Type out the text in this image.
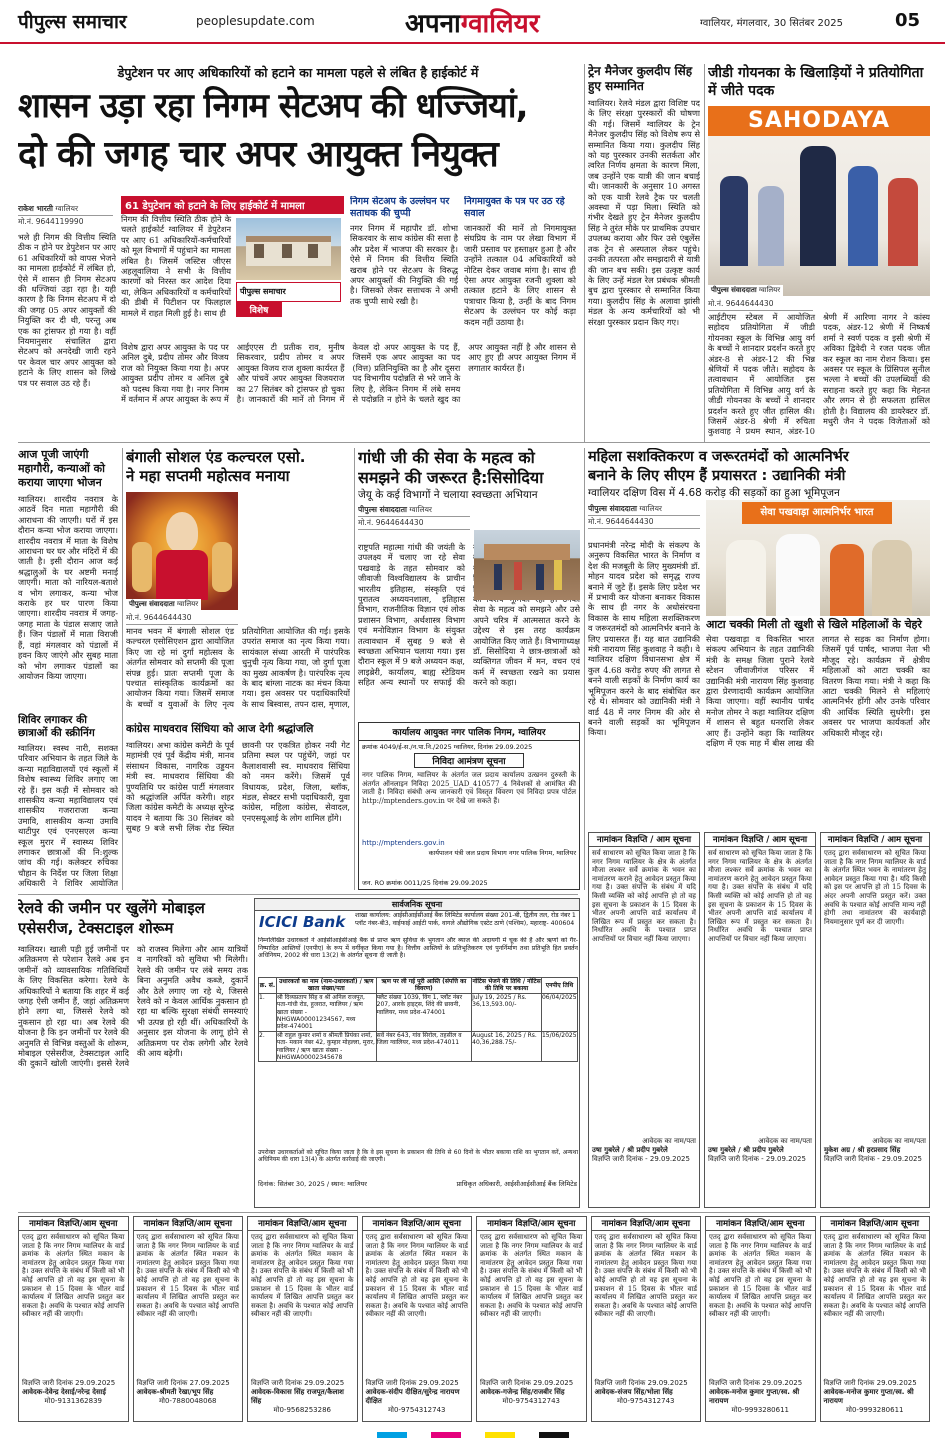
पीपुल्स समाचार	peoplesupdate.com	अपनाग्वालियर	ग्वालियर, मंगलवार, 30 सितंबर 2025	05
डेपुटेशन पर आए अधिकारियों को हटाने का मामला पहले से लंबित है हाईकोर्ट में
शासन उड़ा रहा निगम सेटअप की धज्जियां,
दो की जगह चार अपर आयुक्त नियुक्त
राकेश भारती ग्वालियर
मो.नं. 9644119990
भले ही निगम की वित्तीय स्थिति ठीक न होने पर डेपुटेशन पर आए 61 अधिकारियों को वापस भेजने का मामला हाईकोर्ट में लंबित हो, ऐसे में शासन ही निगम सेटअप की धज्जियां उड़ा रहा है। यही कारण है कि निगम सेटअप में दो की जगह 05 अपर आयुक्तों की नियुक्ति कर दी थी, परन्तु अब एक का ट्रांसफर हो गया है। वहीं नियमानुसार संचालित द्वारा सेटअप को अनदेखी जारी रहने पर केवल चार अपर आयुक्त को हटाने के लिए शासन को लिखे पत्र पर सवाल उठ रहे हैं।
61 डेपुटेशन को हटाने के लिए हाईकोर्ट में मामला
निगम की वित्तीय स्थिति ठीक होने के चलते हाईकोर्ट ग्वालियर में डेपुटेशन पर आए 61 अधिकारियों-कर्मचारियों को मूल विभागों में पहुंचाने का मामला लंबित है। जिसमें जस्टिस जीएस अहलूवालिया ने सभी के वित्तीय कारणों को निरस्त कर आदेश दिया था, लेकिन अधिकारियों व कर्मचारियों की डीबी में पिटीशन पर फिलहाल मामले में राहत मिली हुई है। साथ ही
पीपुल्स समाचार
विशेष
निगम सेटअप के उल्लंघन पर सताधक की चुप्पी
नगर निगम में महापौर डॉ. शोभा सिकरवार के साथ कांग्रेस की सत्ता है और प्रदेश में भाजपा की सरकार है। ऐसे में निगम की वित्तीय स्थिति खराब होने पर सेटअप के विरुद्ध अपर आयुक्तों की नियुक्ति की गई है। जिसको लेकर सत्ताधक ने अभी तक चुप्पी साधे रखी है।
निगमायुक्त के पत्र पर उठ रहे सवाल
जानकारों की मानें तो निगमायुक्त संघप्रिय के नाम पर लेखा विभाग में जारी प्रस्ताव पर हस्ताक्षर हुआ है और उन्होंने तत्काल 04 अधिकारियों को नोटिस देकर जवाब मांगा है। साथ ही ऐसा अपर आयुक्त रजनी शुक्ला को तत्काल हटाने के लिए शासन से पत्राचार किया है, उन्हीं के बाद निगम सेटअप के उल्लंघन पर कोई कड़ा कदम नहीं उठाया है।
विशेष द्वारा अपर आयुक्त के पद पर अनिल दुबे, प्रदीप तोमर और विजय राज को नियुक्त किया गया है। अपर आयुक्त प्रदीप तोमर व अनिल दुबे को पदस्थ किया गया है। नगर निगम में वर्तमान में अपर आयुक्त के रूप में आईएएस टी प्रतीक राव, मुनीष सिकरवार, प्रदीप तोमर व अपर आयुक्त विजय राज शुक्ला कार्यरत हैं और पांचवें अपर आयुक्त विजयराज का 27 सितंबर को ट्रांसफर हो चुका है। जानकारों की मानें तो निगम में केवल दो अपर आयुक्त के पद हैं, जिसमें एक अपर आयुक्त का पद (वित्त) प्रतिनियुक्ति का है और दूसरा पद विभागीय पदोन्नति से भरे जाने के लिए है, लेकिन निगम में लंबे समय से पदोन्नति न होने के चलते खुद का अपर आयुक्त नहीं है और शासन से आए हुए ही अपर आयुक्त निगम में लगातार कार्यरत हैं।
ट्रेन मैनेजर कुलदीप सिंह हुए सम्मानित
ग्वालियर। रेलवे मंडल द्वारा विशिष्ट पद के लिए संरक्षा पुरस्कारों की घोषणा की गई। जिसमें ग्वालियर के ट्रेन मैनेजर कुलदीप सिंह को विशेष रूप से सम्मानित किया गया। कुलदीप सिंह को यह पुरस्कार उनकी सतर्कता और त्वरित निर्णय क्षमता के कारण मिला, जब उन्होंने एक यात्री की जान बचाई थी। जानकारी के अनुसार 10 अगस्त को एक यात्री रेलवे ट्रैक पर चलती अवस्था में पड़ा मिला। स्थिति को गंभीर देखते हुए ट्रेन मैनेजर कुलदीप सिंह ने तुरंत मौके पर प्राथमिक उपचार उपलब्ध कराया और फिर उसे एंबुलेंस तक ट्रेन से अस्पताल लेकर पहुंचे। उनकी तत्परता और समझदारी से यात्री की जान बच सकी। इस उत्कृष्ट कार्य के लिए उन्हें मंडल रेल प्रबंधक श्रीमती बुच द्वारा पुरस्कार से सम्मानित किया गया। कुलदीप सिंह के अलावा झांसी मंडल के अन्य कर्मचारियों को भी संरक्षा पुरस्कार प्रदान किए गए।
जीडी गोयनका के खिलाड़ियों ने प्रतियोगिता में जीते पदक
SAHODAYA
पीपुल्स संवाददाता ग्वालियर
मो.नं. 9644644430
आईटीएम स्टेबल में आयोजित सहोदय प्रतियोगिता में जीडी गोयनका स्कूल के विभिन्न आयु वर्ग के बच्चों ने शानदार प्रदर्शन करते हुए अंडर-8 से अंडर-12 की भिन्न श्रेणियों में पदक जीते। सहोदय के तत्वावधान में आयोजित इस प्रतियोगिता में विभिन्न आयु वर्ग के जीडी गोयनका के बच्चों ने शानदार प्रदर्शन करते हुए जीत हासिल की। जिसमें अंडर-8 श्रेणी में रुचिता कुशवाह ने प्रथम स्थान, अंडर-10 श्रेणी में आरिणा नागर ने कांस्य पदक, अंडर-12 श्रेणी में निष्कर्ष शर्मा ने स्वर्ण पदक व इसी श्रेणी में अविका द्विवेदी ने रजत पदक जीत कर स्कूल का नाम रोशन किया। इस अवसर पर स्कूल के प्रिंसिपल सुनील भल्ला ने बच्चों की उपलब्धियों की सराहना करते हुए कहा कि मेहनत और लगन से ही सफलता हासिल होती है। विद्यालय की डायरेक्टर डॉ. मधुरी जैन ने पदक विजेताओं को
आज पूजी जाएंगी महागौरी, कन्याओं को कराया जाएगा भोजन
ग्वालियर। शारदीय नवरात्र के आठवें दिन माता महागौरी की आराधना की जाएगी। घरों में इस दौरान कन्या भोज कराया जाएगा। शारदीय नवरात्र में माता के विशेष आराधना घर घर और मंदिरों में की जाती है। इसी दौरान आज कई श्रद्धालुओं के घर अष्टमी मनाई जाएगी। माता को नारियल-बताशे व भोग लगाकर, कन्या भोज कराके हर घर पारण किया जाएगा। शारदीय नवरात्र में जगह-जगह माता के पंडाल सजाए जाते हैं। जिन पंडालों में माता विराजी हैं, वहां मंगलवार को पंडालों में हवन किए जाएंगे और सुबह माता को भोग लगाकर पंडालों का आयोजन किया जाएगा।
शिविर लगाकर की छात्राओं की स्क्रीनिंग
ग्वालियर। स्वस्थ नारी, सशक्त परिवार अभियान के तहत जिले के कन्या महाविद्यालयों एवं स्कूलों में विशेष स्वास्थ्य शिविर लगाए जा रहे हैं। इस कड़ी में सोमवार को शासकीय कन्या महाविद्यालय एवं शासकीय गजराराजा कन्या उमावि, शासकीय कन्या उमावि थाटीपुर एवं एनएसएल कन्या स्कूल मुरार में स्वास्थ्य शिविर लगाकर छात्राओं की नि:शुल्क जांच की गई। कलेक्टर रुचिका चौहान के निर्देश पर जिला शिक्षा अधिकारी ने शिविर आयोजित
बंगाली सोशल एंड कल्चरल एसो.
ने महा सप्तमी महोत्सव मनाया
पीपुल्स संवाददाता ग्वालियर
मो.नं. 9644644430
मानव भवन में बंगाली सोशल एंड कल्चरल एसोसिएशन द्वारा आयोजित किए जा रहे मां दुर्गा महोत्सव के अंतर्गत सोमवार को सप्तमी की पूजा संपन्न हुई। प्रातः सप्तमी पूजा के पश्चात सांस्कृतिक कार्यक्रमों का आयोजन किया गया। जिसमें समाज के बच्चों व युवाओं के लिए नृत्य प्रतियोगिता आयोजित की गई। इसके उपरांत समाज का नृत्य किया गया। सायंकाल संध्या आरती में पारंपरिक धुनुची नृत्य किया गया, जो दुर्गा पूजा का मुख्य आकर्षण है। पारंपरिक नृत्य के बाद बांग्ला नाटक का मंचन किया गया। इस अवसर पर पदाधिकारियों के साथ बिस्वास, तपन दास, मृणाल,
कांग्रेस माधवराव सिंधिया को आज देगी श्रद्धांजलि
ग्वालियर। अभा कांग्रेस कमेटी के पूर्व महामंत्री एवं पूर्व केंद्रीय मंत्री, मानव संसाधन विकास, नागरिक उड्डयन मंत्री स्व. माधवराव सिंधिया की पुण्यतिथि पर कांग्रेस पार्टी मंगलवार को श्रद्धांजलि अर्पित करेगी। शहर जिला कांग्रेस कमेटी के अध्यक्ष सुरेन्द्र यादव ने बताया कि 30 सितंबर को सुबह 9 बजे सभी लिंक रोड स्थित छावनी पर एकत्रित होकर नयी गेट प्रतिमा स्थल पर पहुंचेंगे, जहां पर कैलाशवासी स्व. माधवराव सिंधिया को नमन करेंगे। जिसमें पूर्व विधायक, प्रदेश, जिला, ब्लॉक, मंडल, सेक्टर सभी पदाधिकारी, युवा कांग्रेस, महिला कांग्रेस, सेवादल, एनएसयूआई के लोग शामिल होंगे।
गांधी जी की सेवा के महत्व को
समझने की जरूरत है:सिसोदिया
जेयू के कई विभागों ने चलाया स्वच्छता अभियान
पीपुल्स संवाददाता ग्वालियर
मो.नं. 9644644430
राष्ट्रपति महात्मा गांधी की जयंती के उपलक्ष्य में चलाए जा रहे सेवा पखवाड़े के तहत सोमवार को जीवाजी विश्वविद्यालय के प्राचीन भारतीय इतिहास, संस्कृति एवं पुरातत्व अध्ययनशाला, इतिहास विभाग, राजनीतिक विज्ञान एवं लोक प्रशासन विभाग, अर्थशास्त्र विभाग एवं मनोविज्ञान विभाग के संयुक्त तत्वावधान में सुबह 9 बजे से स्वच्छता अभियान चलाया गया। इस दौरान स्कूल में 9 बजे अध्ययन कक्ष, लाइब्रेरी, कार्यालय, बाह्य स्टेडियम सहित अन्य स्थानों पर सफाई की सेवा के महत्व को समझने और उसे अपने चरित्र में आत्मसात करने के उद्देश्य से इस तरह कार्यक्रम आयोजित किए जाते हैं। विभागाध्यक्ष डॉ. सिसोदिया ने छात्र-छात्राओं को व्यक्तिगत जीवन में मन, वचन एवं कर्म में स्वच्छता रखने का प्रयास करने को कहा।
कार्यालय आयुक्त नगर पालिक निगम, ग्वालियर
क्रमांक 4049/ई-स./न.पा.नि./2025 ग्वालियर, दिनांक 29.09.2025
निविदा आमंत्रण सूचना
नगर पालिक निगम, ग्वालियर के अंतर्गत जल प्रदाय कार्यालय उत्खनन दुरुस्ती के अंतर्गत ऑनलाइन निविदा 2025_UAD_410577_4 निवेशकों से आमंत्रित की जाती है। निविदा संबंधी अन्य जानकारी एवं विस्तृत विवरण एवं निविदा प्रपत्र पोर्टल http://mptenders.gov.in पर देखे जा सकते हैं।
http://mptenders.gov.in
कार्यपालन यंत्री जल प्रदाय विभाग नगर पालिक निगम, ग्वालियर
जन. RO क्रमांक 0011/25 दिनांक 29.09.2025
महिला सशक्तिकरण व जरूरतमंदों को आत्मनिर्भर
बनाने के लिए सीएम हैं प्रयासरत : उद्यानिकी मंत्री
ग्वालियर दक्षिण विस में 4.68 करोड़ की सड़कों का हुआ भूमिपूजन
पीपुल्स संवाददाता ग्वालियर
मो.नं. 9644644430
प्रधानमंत्री नरेन्द्र मोदी के संकल्प के अनुरूप विकसित भारत के निर्माण व देश की मजबूती के लिए मुख्यमंत्री डॉ. मोहन यादव प्रदेश को समृद्ध राज्य बनाने में जुटे हैं। इसके लिए प्रदेश भर में प्रभावी कर योजना बनाकर विकास के साथ ही नगर के अधोसंरचना विकास के साथ महिला सशक्तिकरण व जरूरतमंदों को आत्मनिर्भर बनाने के लिए प्रयासरत हैं। यह बात उद्यानिकी मंत्री नारायण सिंह कुशवाह ने कही। वे ग्वालियर दक्षिण विधानसभा क्षेत्र में कुल 4.68 करोड़ रुपए की लागत से बनने वाली सड़कों के निर्माण कार्य का भूमिपूजन करने के बाद संबोधित कर रहे थे। सोमवार को उद्यानिकी मंत्री ने वार्ड 48 में नगर निगम की ओर से बनने वाली सड़कों का भूमिपूजन किया।
सेवा पखवाड़ा आत्मनिर्भर भारत
आटा चक्की मिली तो खुशी से खिले महिलाओं के चेहरे
सेवा पखवाड़ा व विकसित भारत संकल्प अभियान के तहत उद्यानिकी मंत्री के समक्ष जिला पुराने रेलवे स्टेशन जीवाजीगंज परिसर में उद्यानिकी मंत्री नारायण सिंह कुशवाह द्वारा प्रेरणादायी कार्यक्रम आयोजित किया जाएगा। वहीं स्थानीय पार्षद मनोज तोमर ने कहा ग्वालियर दक्षिण में शासन से बहुत धनराशि लेकर आए हैं। उन्होंने कहा कि ग्वालियर दक्षिण में एक माह में बीस लाख की लागत से सड़क का निर्माण होगा। जिसमें पूर्व पार्षद, भाजपा नेता भी मौजूद रहे। कार्यक्रम में क्षेत्रीय महिलाओं को आटा चक्की का वितरण किया गया। मंत्री ने कहा कि आटा चक्की मिलने से महिलाएं आत्मनिर्भर होंगी और उनके परिवार की आर्थिक स्थिति सुधरेगी। इस अवसर पर भाजपा कार्यकर्ता और अधिकारी मौजूद रहे।
रेलवे की जमीन पर खुलेंगे मोबाइल
एसेसरीज, टेक्सटाइल शोरूम
ग्वालियर। खाली पड़ी हुई जमीनों पर अतिक्रमण से परेशान रेलवे अब इन जमीनों को व्यावसायिक गतिविधियों के लिए विकसित करेगा। रेलवे के अधिकारियों ने बताया कि शहर में कई जगह ऐसी जमीन हैं, जहां अतिक्रमण होने लगा था, जिससे रेलवे को नुकसान हो रहा था। अब रेलवे की योजना है कि इन जमीनों पर रेलवे की अनुमति से विभिन्न वस्तुओं के शोरूम, मोबाइल एसेसरीज, टेक्सटाइल आदि की दुकानें खोली जाएंगी। इससे रेलवे को राजस्व मिलेगा और आम यात्रियों व नागरिकों को सुविधा भी मिलेगी। रेलवे की जमीन पर लंबे समय तक बिना अनुमति अवैध कब्जे, दुकानें और ठेले लगाए जा रहे थे, जिससे रेलवे को न केवल आर्थिक नुकसान हो रहा था बल्कि सुरक्षा संबंधी समस्याएं भी उत्पन्न हो रही थीं। अधिकारियों के अनुसार इस योजना के लागू होने से अतिक्रमण पर रोक लगेगी और रेलवे की आय बढ़ेगी।
सार्वजनिक सूचना
ICICI Bank शाखा कार्यालय: आईसीआईसीआई बैंक लिमिटेड कार्यालय संख्या 201-बी, द्वितीय तल, रोड नंबर 1 प्लॉट नंबर-बी3, वाईफाई आईटी पार्क, वागले औद्योगिक एस्टेट ठाणे (पश्चिम), महाराष्ट्र- 400604
निम्नलिखित उधारकर्ता ने आईसीआईसीआई बैंक से प्राप्त ऋण सुविधा के भुगतान और ब्याज की अदायगी में चूक की है और ऋणों को गैर-निष्पादित आस्तियों (एनपीए) के रूप में वर्गीकृत किया गया है। वित्तीय आस्तियों के प्रतिभूतिकरण एवं पुनर्निर्माण तथा प्रतिभूति हित प्रवर्तन अधिनियम, 2002 की धारा 13(2) के अंतर्गत सूचना दी जाती है।
क्र. सं.	उधारकर्ता का नाम (नाम-उधारकर्ता) / ऋण खाता संख्या/पता	ऋण पर ली गई पूरी आस्ति (संपत्ति का विवरण)	नोटिस भेजने की तिथि / नोटिस की तिथि पर बकाया	एनपीए तिथि
1.	श्री दिव्यप्रताप सिंह व श्री अनिल राजपूत, पता-गांधी रोड, हुजरात, ग्वालियर / ऋण खाता संख्या - NHGWA00001234567, मध्य प्रदेश-474001	फ्लैट संख्या 1039, विंग 1, प्लॉट नंबर 207, आरके हाइट्स, शिंदे की छावनी, ग्वालियर, मध्य प्रदेश-474001	July 19, 2025 / Rs. 36,13,593.00/-	06/04/2025
2.	श्री राहुल कुमार शर्मा व श्रीमती प्रियंका शर्मा, पता- मकान नंबर 42, कुम्हार मोहल्ला, मुरार, ग्वालियर / ऋण खाता संख्या - NHGWA00002345678	सर्वे नंबर 643, गांव सिरोल, तहसील व जिला ग्वालियर, मध्य प्रदेश-474011	August 16, 2025 / Rs. 40,36,288.75/-	15/06/2025
उपरोक्त उधारकर्ताओं को सूचित किया जाता है कि वे इस सूचना के प्रकाशन की तिथि से 60 दिनों के भीतर बकाया राशि का भुगतान करें, अन्यथा अधिनियम की धारा 13(4) के अंतर्गत कार्रवाई की जाएगी।
दिनांक: सितंबर 30, 2025 / स्थान: ग्वालियर	प्राधिकृत अधिकारी, आईसीआईसीआई बैंक लिमिटेड
नामांकन विज्ञप्ति / आम सूचना
सर्व साधारण को सूचित किया जाता है कि नगर निगम ग्वालियर के क्षेत्र के अंतर्गत मौजा लश्कर सर्वे क्रमांक के भवन का नामांतरण कराने हेतु आवेदन प्रस्तुत किया गया है। उक्त संपत्ति के संबंध में यदि किसी व्यक्ति को कोई आपत्ति हो तो वह इस सूचना के प्रकाशन के 15 दिवस के भीतर अपनी आपत्ति वार्ड कार्यालय में लिखित रूप में प्रस्तुत कर सकता है। निर्धारित अवधि के पश्चात प्राप्त आपत्तियों पर विचार नहीं किया जाएगा।
आवेदक का नाम/पता
उषा गुबरेले / श्री प्रदीप गुबरेले
विज्ञप्ति जारी दिनांक - 29.09.2025
नामांकन विज्ञप्ति / आम सूचना
सर्व साधारण को सूचित किया जाता है कि नगर निगम ग्वालियर के क्षेत्र के अंतर्गत मौजा लश्कर सर्वे क्रमांक के भवन का नामांतरण कराने हेतु आवेदन प्रस्तुत किया गया है। उक्त संपत्ति के संबंध में यदि किसी व्यक्ति को कोई आपत्ति हो तो वह इस सूचना के प्रकाशन के 15 दिवस के भीतर अपनी आपत्ति वार्ड कार्यालय में लिखित रूप में प्रस्तुत कर सकता है। निर्धारित अवधि के पश्चात प्राप्त आपत्तियों पर विचार नहीं किया जाएगा।
आवेदक का नाम/पता
उषा गुबरेले / श्री प्रदीप गुबरेले
विज्ञप्ति जारी दिनांक - 29.09.2025
नामांकन विज्ञप्ति / आम सूचना
एतद् द्वारा सर्वसाधारण को सूचित किया जाता है कि नगर निगम ग्वालियर के वार्ड के अंतर्गत स्थित भवन के नामांतरण हेतु आवेदन प्रस्तुत किया गया है। यदि किसी को इस पर आपत्ति हो तो 15 दिवस के अंदर अपनी आपत्ति प्रस्तुत करें। उक्त अवधि के पश्चात कोई आपत्ति मान्य नहीं होगी तथा नामांतरण की कार्यवाही नियमानुसार पूर्ण कर दी जाएगी।
आवेदक का नाम/पता
मुकेश अग्र / श्री हरप्रसाद सिंह
विज्ञप्ति जारी दिनांक - 29.09.2025
नामांकन विज्ञप्ति/आम सूचना
एतद् द्वारा सर्वसाधारण को सूचित किया जाता है कि नगर निगम ग्वालियर के वार्ड क्रमांक के अंतर्गत स्थित मकान के नामांतरण हेतु आवेदन प्रस्तुत किया गया है। उक्त संपत्ति के संबंध में किसी को भी कोई आपत्ति हो तो वह इस सूचना के प्रकाशन से 15 दिवस के भीतर वार्ड कार्यालय में लिखित आपत्ति प्रस्तुत कर सकता है। अवधि के पश्चात कोई आपत्ति स्वीकार नहीं की जाएगी।
विज्ञप्ति जारी दिनांक 29.09.2025
आवेदक-देवेन्द्र देसाई/नरेन्द्र देसाई
मो0-9131362839
नामांकन विज्ञप्ति/आम सूचना
एतद् द्वारा सर्वसाधारण को सूचित किया जाता है कि नगर निगम ग्वालियर के वार्ड क्रमांक के अंतर्गत स्थित मकान के नामांतरण हेतु आवेदन प्रस्तुत किया गया है। उक्त संपत्ति के संबंध में किसी को भी कोई आपत्ति हो तो वह इस सूचना के प्रकाशन से 15 दिवस के भीतर वार्ड कार्यालय में लिखित आपत्ति प्रस्तुत कर सकता है। अवधि के पश्चात कोई आपत्ति स्वीकार नहीं की जाएगी।
विज्ञप्ति जारी दिनांक 27.09.2025
आवेदक-श्रीमती रेखा/भूप सिंह
मो0-7880048068
नामांकन विज्ञप्ति/आम सूचना
एतद् द्वारा सर्वसाधारण को सूचित किया जाता है कि नगर निगम ग्वालियर के वार्ड क्रमांक के अंतर्गत स्थित मकान के नामांतरण हेतु आवेदन प्रस्तुत किया गया है। उक्त संपत्ति के संबंध में किसी को भी कोई आपत्ति हो तो वह इस सूचना के प्रकाशन से 15 दिवस के भीतर वार्ड कार्यालय में लिखित आपत्ति प्रस्तुत कर सकता है। अवधि के पश्चात कोई आपत्ति स्वीकार नहीं की जाएगी।
विज्ञप्ति जारी दिनांक 29.09.2025
आवेदक-विकास सिंह राजपूत/कैलाश सिंह
मो0-9568253286
नामांकन विज्ञप्ति/आम सूचना
एतद् द्वारा सर्वसाधारण को सूचित किया जाता है कि नगर निगम ग्वालियर के वार्ड क्रमांक के अंतर्गत स्थित मकान के नामांतरण हेतु आवेदन प्रस्तुत किया गया है। उक्त संपत्ति के संबंध में किसी को भी कोई आपत्ति हो तो वह इस सूचना के प्रकाशन से 15 दिवस के भीतर वार्ड कार्यालय में लिखित आपत्ति प्रस्तुत कर सकता है। अवधि के पश्चात कोई आपत्ति स्वीकार नहीं की जाएगी।
विज्ञप्ति जारी दिनांक 29.09.2025
आवेदक-संदीप दीक्षित/सुरेन्द्र नारायण दीक्षित
मो0-9754312743
नामांकन विज्ञप्ति/आम सूचना
एतद् द्वारा सर्वसाधारण को सूचित किया जाता है कि नगर निगम ग्वालियर के वार्ड क्रमांक के अंतर्गत स्थित मकान के नामांतरण हेतु आवेदन प्रस्तुत किया गया है। उक्त संपत्ति के संबंध में किसी को भी कोई आपत्ति हो तो वह इस सूचना के प्रकाशन से 15 दिवस के भीतर वार्ड कार्यालय में लिखित आपत्ति प्रस्तुत कर सकता है। अवधि के पश्चात कोई आपत्ति स्वीकार नहीं की जाएगी।
विज्ञप्ति जारी दिनांक 29.09.2025
आवेदक-गजेन्द्र सिंह/राजबीर सिंह
मो0-9754312743
नामांकन विज्ञप्ति/आम सूचना
एतद् द्वारा सर्वसाधारण को सूचित किया जाता है कि नगर निगम ग्वालियर के वार्ड क्रमांक के अंतर्गत स्थित मकान के नामांतरण हेतु आवेदन प्रस्तुत किया गया है। उक्त संपत्ति के संबंध में किसी को भी कोई आपत्ति हो तो वह इस सूचना के प्रकाशन से 15 दिवस के भीतर वार्ड कार्यालय में लिखित आपत्ति प्रस्तुत कर सकता है। अवधि के पश्चात कोई आपत्ति स्वीकार नहीं की जाएगी।
विज्ञप्ति जारी दिनांक 29.09.2025
आवेदक-संजय सिंह/भोला सिंह
मो0-9754312743
नामांकन विज्ञप्ति/आम सूचना
एतद् द्वारा सर्वसाधारण को सूचित किया जाता है कि नगर निगम ग्वालियर के वार्ड क्रमांक के अंतर्गत स्थित मकान के नामांतरण हेतु आवेदन प्रस्तुत किया गया है। उक्त संपत्ति के संबंध में किसी को भी कोई आपत्ति हो तो वह इस सूचना के प्रकाशन से 15 दिवस के भीतर वार्ड कार्यालय में लिखित आपत्ति प्रस्तुत कर सकता है। अवधि के पश्चात कोई आपत्ति स्वीकार नहीं की जाएगी।
विज्ञप्ति जारी दिनांक 29.09.2025
आवेदक-मनोज कुमार गुप्ता/स्व. श्री नारायण
मो0-9993280611
नामांकन विज्ञप्ति/आम सूचना
एतद् द्वारा सर्वसाधारण को सूचित किया जाता है कि नगर निगम ग्वालियर के वार्ड क्रमांक के अंतर्गत स्थित मकान के नामांतरण हेतु आवेदन प्रस्तुत किया गया है। उक्त संपत्ति के संबंध में किसी को भी कोई आपत्ति हो तो वह इस सूचना के प्रकाशन से 15 दिवस के भीतर वार्ड कार्यालय में लिखित आपत्ति प्रस्तुत कर सकता है। अवधि के पश्चात कोई आपत्ति स्वीकार नहीं की जाएगी।
विज्ञप्ति जारी दिनांक 29.09.2025
आवेदक-मनोज कुमार गुप्ता/स्व. श्री नारायण
मो0-9993280611
